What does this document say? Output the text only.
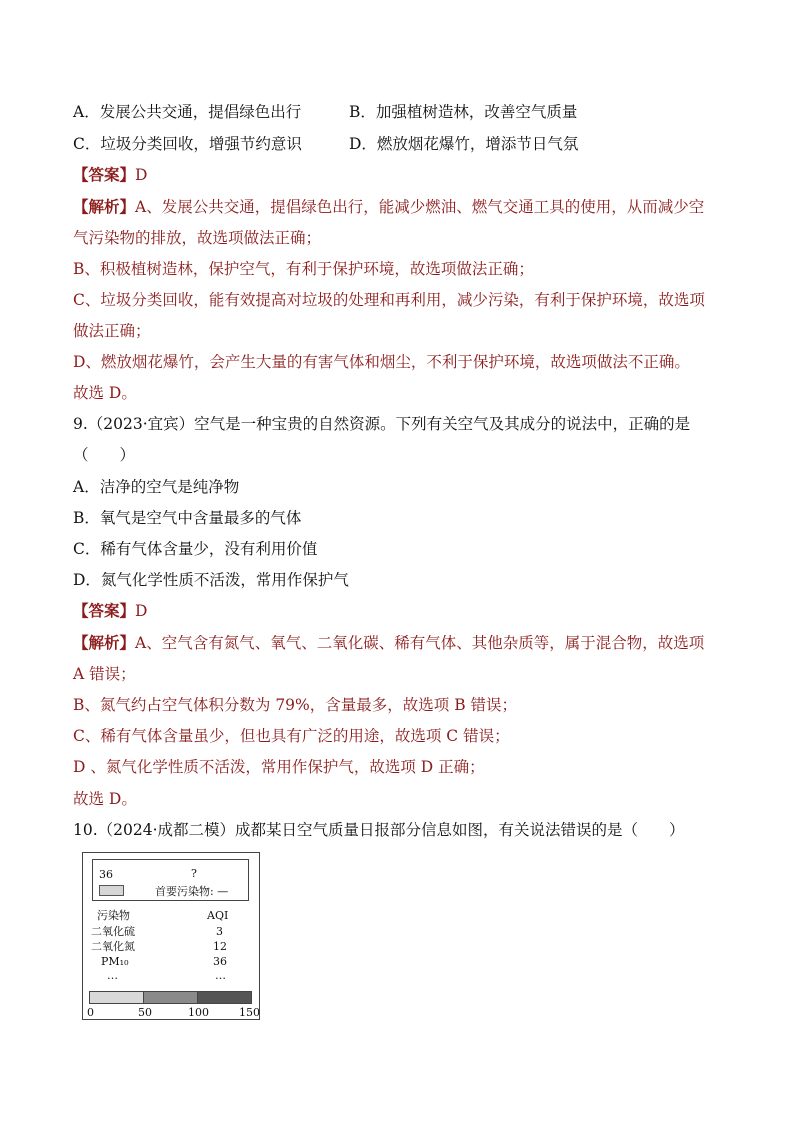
A．发展公共交通，提倡绿色出行	B．加强植树造林，改善空气质量
C．垃圾分类回收，增强节约意识	D．燃放烟花爆竹，增添节日气氛
【答案】D
【解析】A、发展公共交通，提倡绿色出行，能减少燃油、燃气交通工具的使用，从而减少空
气污染物的排放，故选项做法正确；
B、积极植树造林，保护空气，有利于保护环境，故选项做法正确；
C、垃圾分类回收，能有效提高对垃圾的处理和再利用，减少污染，有利于保护环境，故选项
做法正确；
D、燃放烟花爆竹，会产生大量的有害气体和烟尘，不利于保护环境，故选项做法不正确。
故选 D。
9.（2023·宜宾）空气是一种宝贵的自然资源。下列有关空气及其成分的说法中，正确的是
（　　）
A．洁净的空气是纯净物
B．氧气是空气中含量最多的气体
C．稀有气体含量少，没有利用价值
D．氮气化学性质不活泼，常用作保护气
【答案】D
【解析】A、空气含有氮气、氧气、二氧化碳、稀有气体、其他杂质等，属于混合物，故选项
A 错误；
B、氮气约占空气体积分数为 79%，含量最多，故选项 B 错误；
C、稀有气体含量虽少，但也具有广泛的用途，故选项 C 错误；
D 、氮气化学性质不活泼，常用作保护气，故选项 D 正确；
故选 D。
10.（2024·成都二模）成都某日空气质量日报部分信息如图，有关说法错误的是（　　）
36	?
首要污染物: —
污染物	AQI
二氧化硫	3
二氧化氮	12
PM₁₀	36
…	…
0	50	100	150
